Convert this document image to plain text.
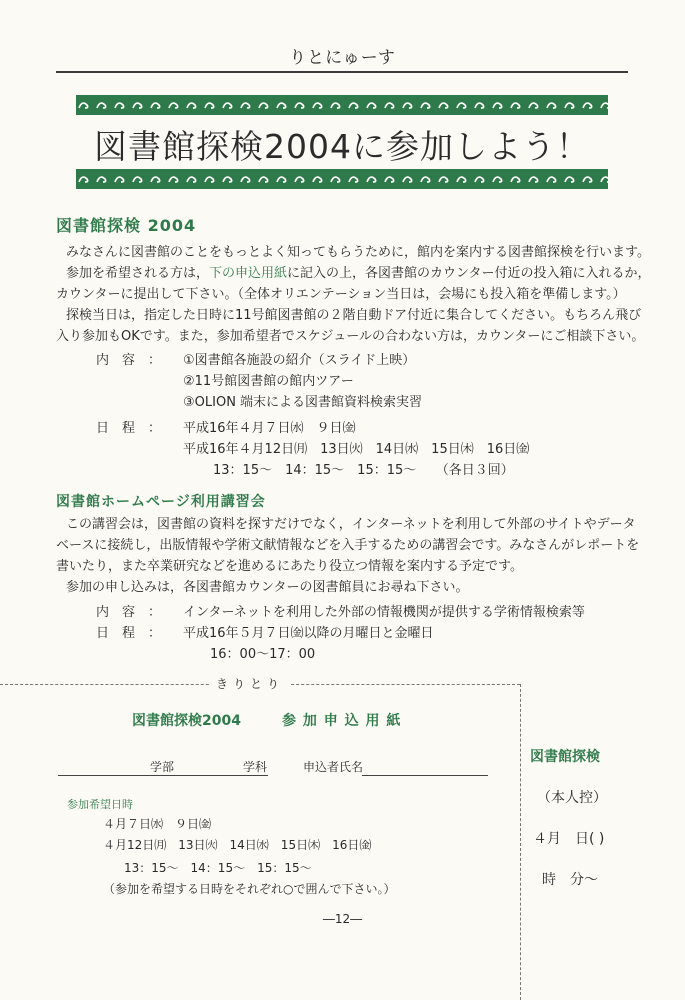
りとにゅーす
図書館探検2004に参加しよう！
図書館探検 2004
みなさんに図書館のことをもっとよく知ってもらうために，館内を案内する図書館探検を行います。
参加を希望される方は，下の申込用紙に記入の上，各図書館のカウンター付近の投入箱に入れるか，
カウンターに提出して下さい。（全体オリエンテーション当日は，会場にも投入箱を準備します。）
探検当日は，指定した日時に11号館図書館の２階自動ドア付近に集合してください。もちろん飛び
入り参加もOKです。また，参加希望者でスケジュールの合わない方は，カウンターにご相談下さい。
内　容　： ①図書館各施設の紹介（スライド上映）
②11号館図書館の館内ツアー
③OLION 端末による図書館資料検索実習
日　程　： 平成16年４月７日㈬　９日㈮
平成16年４月12日㈪　13日㈫　14日㈬　15日㈭　16日㈮
13：15～　14：15～　15：15～　　（各日３回）
図書館ホームページ利用講習会
この講習会は，図書館の資料を探すだけでなく，インターネットを利用して外部のサイトやデータ
ベースに接続し，出版情報や学術文献情報などを入手するための講習会です。みなさんがレポートを
書いたり，また卒業研究などを進めるにあたり役立つ情報を案内する予定です。
参加の申し込みは，各図書館カウンターの図書館員にお尋ね下さい。
内　容　： インターネットを利用した外部の情報機関が提供する学術情報検索等
日　程　： 平成16年５月７日㈮以降の月曜日と金曜日
16：00～17：00
きりとり
図書館探検2004	参 加 申 込 用 紙
学部	学科	申込者氏名
参加希望日時
４月７日㈬　９日㈮
４月12日㈪　13日㈫　14日㈬　15日㈭　16日㈮
13：15～　14：15～　15：15～
（参加を希望する日時をそれぞれ○で囲んで下さい。）
―12―
図書館探検
（本人控）
４月　日( )
時　分～
